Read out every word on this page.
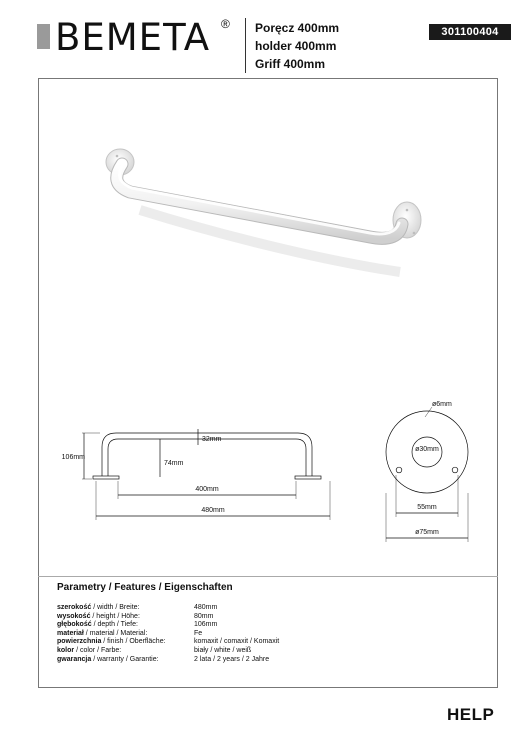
BEMETA ® Poręcz 400mm
holder 400mm
Griff 400mm
301100404
106mm
32mm
74mm
400mm
480mm
ø6mm
ø30mm
55mm
ø75mm
Parametry / Features / Eigenschaften
szerokość / width / Breite:	480mm
wysokość / height / Höhe:	80mm
głębokość / depth / Tiefe:	106mm
materiał / material / Material:	Fe
powierzchnia / finish / Oberfläche:	komaxit / comaxit / Komaxit
kolor / color / Farbe:	biały / white / weiß
gwarancja / warranty / Garantie:	2 lata / 2 years / 2 Jahre
HELP
